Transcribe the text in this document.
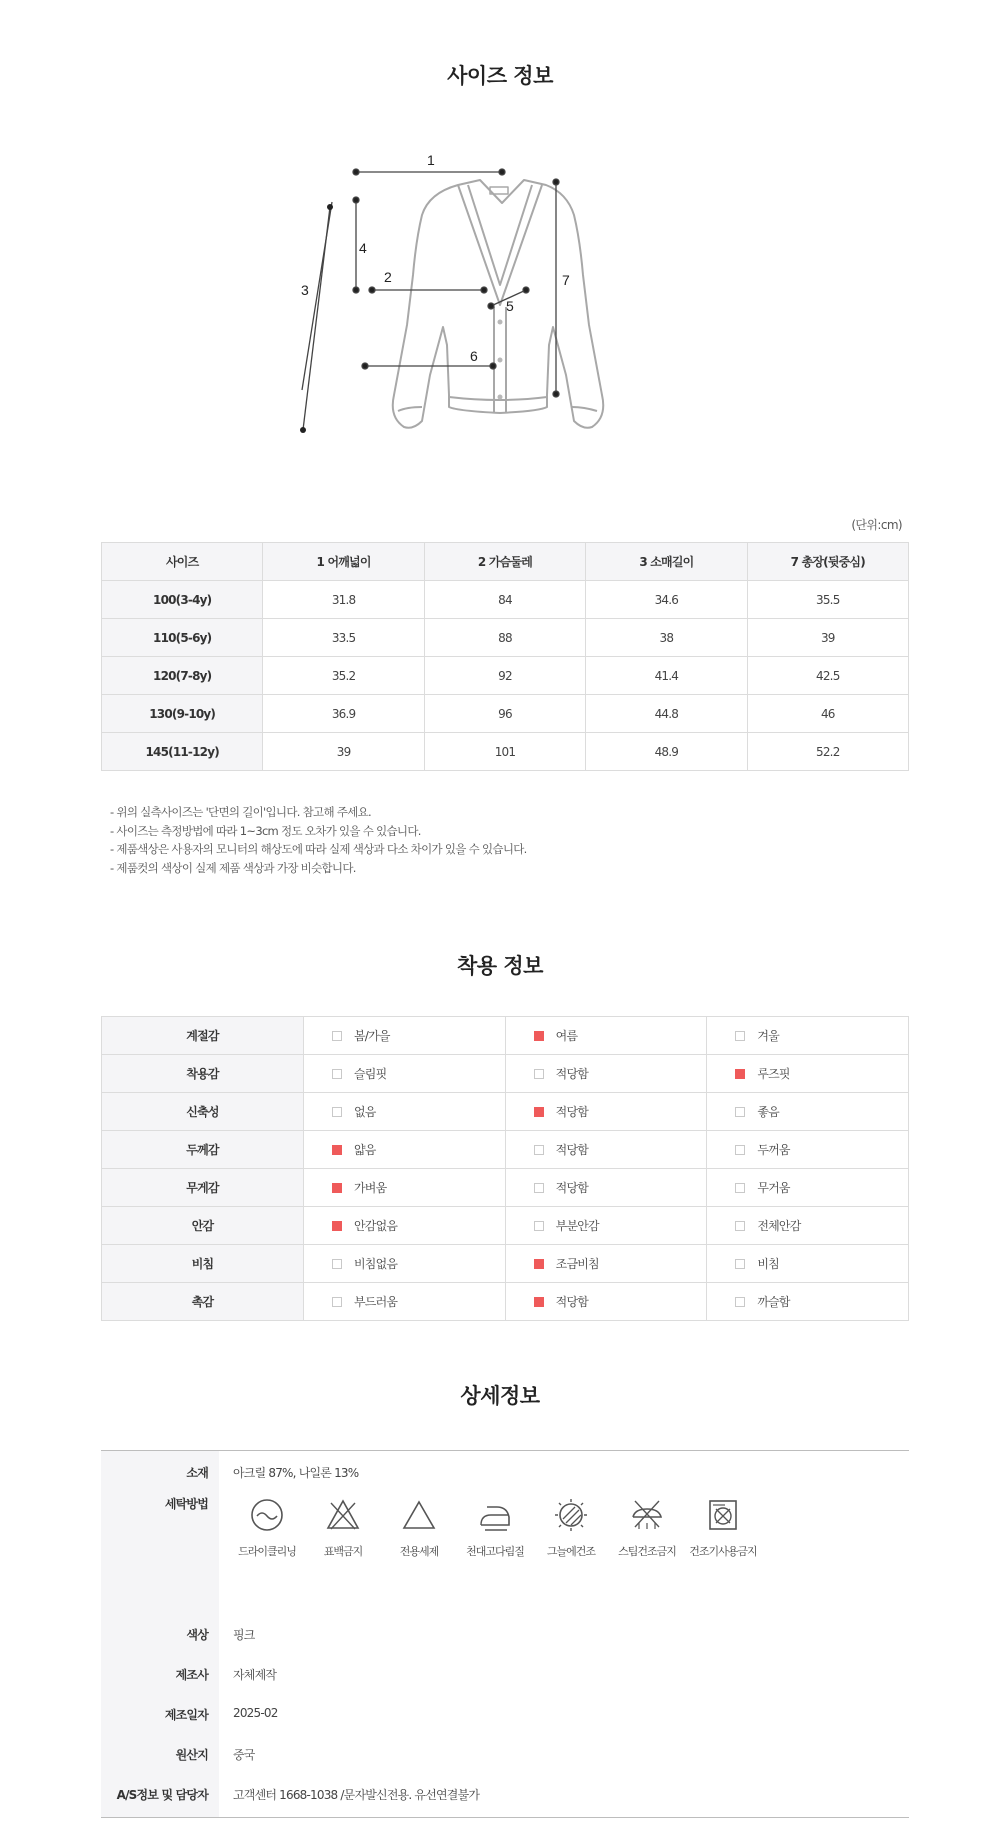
사이즈 정보
1
2
3
4
5
6
7
(단위:cm)
사이즈	1 어깨넓이	2 가슴둘레	3 소매길이	7 총장(뒷중심)
100(3-4y)	31.8	84	34.6	35.5
110(5-6y)	33.5	88	38	39
120(7-8y)	35.2	92	41.4	42.5
130(9-10y)	36.9	96	44.8	46
145(11-12y)	39	101	48.9	52.2
- 위의 실측사이즈는 '단면의 길이'입니다. 참고해 주세요.
- 사이즈는 측정방법에 따라 1~3cm 정도 오차가 있을 수 있습니다.
- 제품색상은 사용자의 모니터의 해상도에 따라 실제 색상과 다소 차이가 있을 수 있습니다.
- 제품컷의 색상이 실제 제품 색상과 가장 비슷합니다.
착용 정보
계절감	봄/가을	여름	겨울
착용감	슬림핏	적당함	루즈핏
신축성	없음	적당함	좋음
두께감	얇음	적당함	두꺼움
무게감	가벼움	적당함	무거움
안감	안감없음	부분안감	전체안감
비침	비침없음	조금비침	비침
촉감	부드러움	적당함	까슬함
상세정보
소재	아크릴 87%, 나일론 13%
세탁방법
드라이클리닝	표백금지	전용세제	천대고다림질	그늘에건조	스팀건조금지	건조기사용금지
색상	핑크
제조사	자체제작
제조일자	2025-02
원산지	중국
A/S정보 및 담당자	고객센터 1668-1038 /문자발신전용. 유선연결불가
